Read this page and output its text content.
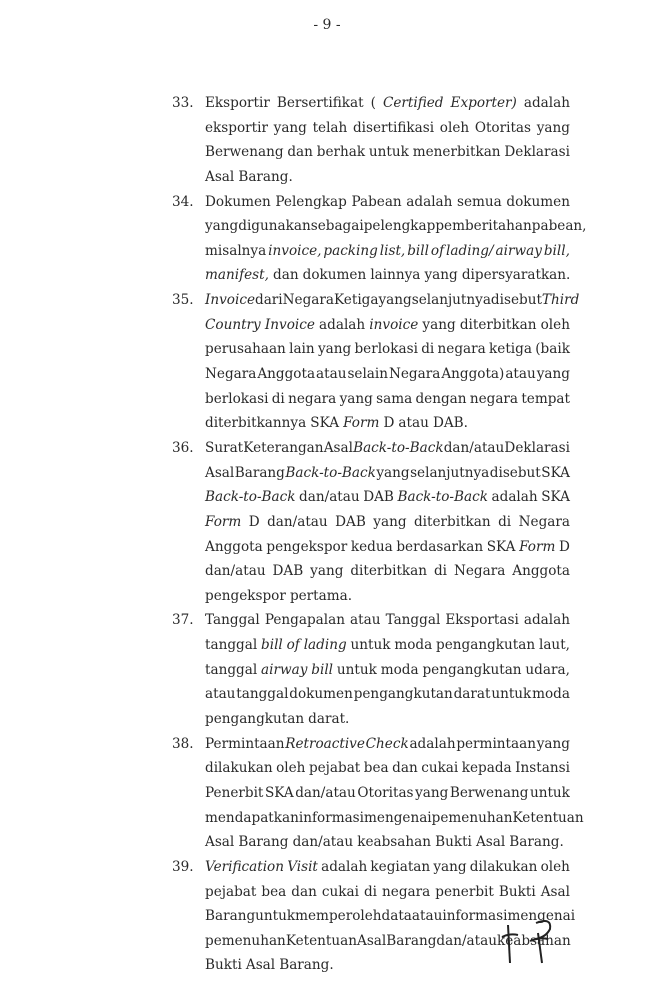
- 9 -
33. Eksportir Bersertifikat ( Certified Exporter) adalah
eksportir yang telah disertifikasi oleh Otoritas yang
Berwenang dan berhak untuk menerbitkan Deklarasi
Asal Barang.
34. Dokumen Pelengkap Pabean adalah semua dokumen
yang digunakan sebagai pelengkap pemberitahan pabean,
misalnya invoice, packing list, bill of lading/ airway bill,
manifest, dan dokumen lainnya yang dipersyaratkan.
35. Invoice dari Negara Ketiga yang selanjutnya disebut Third
Country Invoice adalah invoice yang diterbitkan oleh
perusahaan lain yang berlokasi di negara ketiga (baik
Negara Anggota atau selain Negara Anggota) atau yang
berlokasi di negara yang sama dengan negara tempat
diterbitkannya SKA Form D atau DAB.
36. Surat Keterangan Asal Back-to-Back dan/atau Deklarasi
Asal Barang Back-to-Back yang selanjutnya disebut SKA
Back-to-Back dan/atau DAB Back-to-Back adalah SKA
Form D dan/atau DAB yang diterbitkan di Negara
Anggota pengekspor kedua berdasarkan SKA Form D
dan/atau DAB yang diterbitkan di Negara Anggota
pengekspor pertama.
37. Tanggal Pengapalan atau Tanggal Eksportasi adalah
tanggal bill of lading untuk moda pengangkutan laut,
tanggal airway bill untuk moda pengangkutan udara,
atau tanggal dokumen pengangkutan darat untuk moda
pengangkutan darat.
38. Permintaan Retroactive Check adalah permintaan yang
dilakukan oleh pejabat bea dan cukai kepada Instansi
Penerbit SKA dan/atau Otoritas yang Berwenang untuk
mendapatkan informasi mengenai pemenuhan Ketentuan
Asal Barang dan/atau keabsahan Bukti Asal Barang.
39. Verification Visit adalah kegiatan yang dilakukan oleh
pejabat bea dan cukai di negara penerbit Bukti Asal
Barang untuk memperoleh data atau informasi mengenai
pemenuhan Ketentuan Asal Barang dan/atau keabsahan
Bukti Asal Barang.
